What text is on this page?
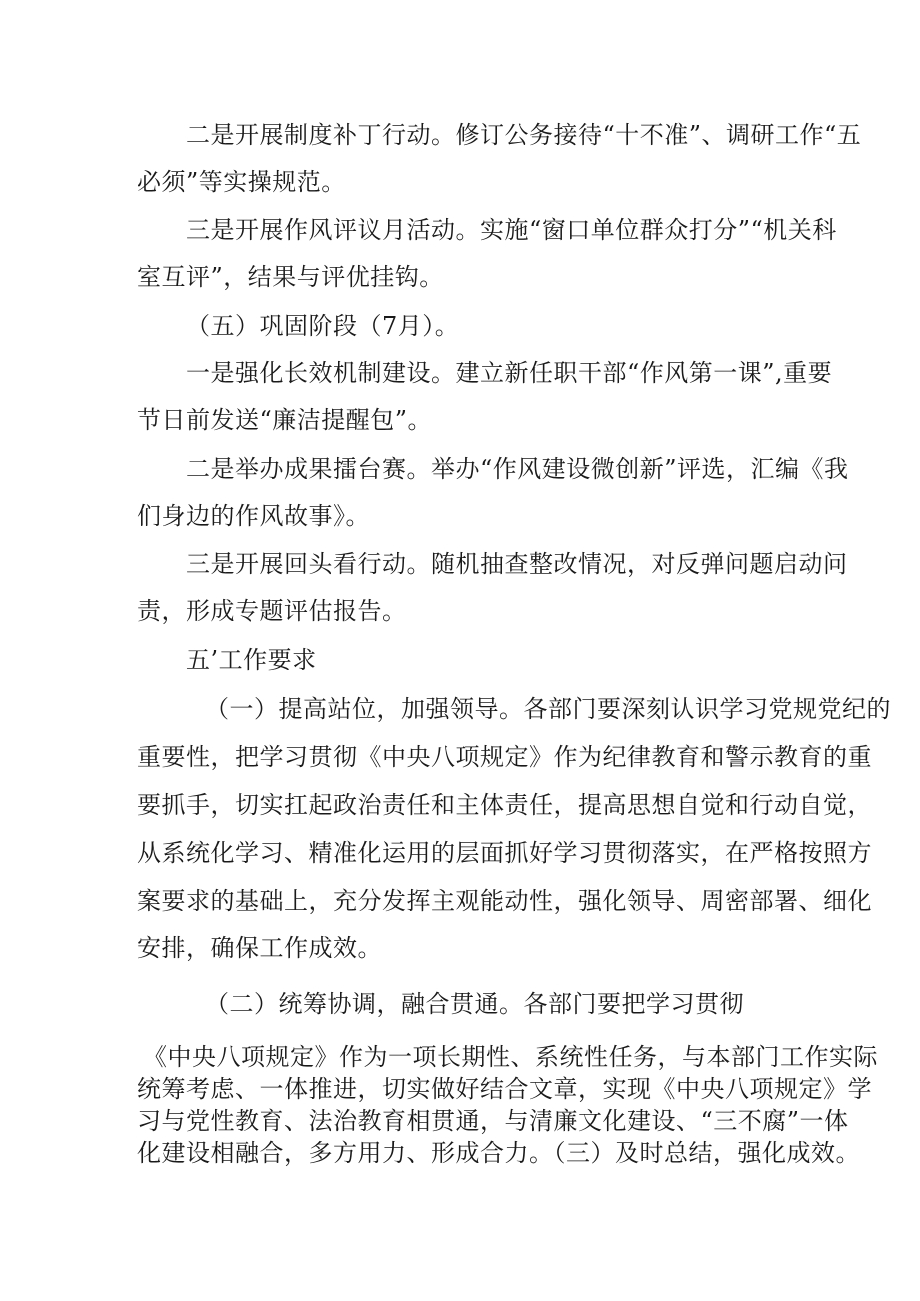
二是开展制度补丁行动。修订公务接待“十不准”、调研工作“五
必须”等实操规范。
三是开展作风评议月活动。实施“窗口单位群众打分”“机关科
室互评”，结果与评优挂钩。
（五）巩固阶段（7月）。
一是强化长效机制建设。建立新任职干部“作风第一课”,重要
节日前发送“廉洁提醒包”。
二是举办成果擂台赛。举办“作风建设微创新”评选，汇编《我
们身边的作风故事》。
三是开展回头看行动。随机抽查整改情况，对反弹问题启动问
责，形成专题评估报告。
五’工作要求
（一）提高站位，加强领导。各部门要深刻认识学习党规党纪的
重要性，把学习贯彻《中央八项规定》作为纪律教育和警示教育的重
要抓手，切实扛起政治责任和主体责任，提高思想自觉和行动自觉，
从系统化学习、精准化运用的层面抓好学习贯彻落实，在严格按照方
案要求的基础上，充分发挥主观能动性，强化领导、周密部署、细化
安排，确保工作成效。
（二）统筹协调，融合贯通。各部门要把学习贯彻
《中央八项规定》作为一项长期性、系统性任务，与本部门工作实际
统筹考虑、一体推进，切实做好结合文章，实现《中央八项规定》学
习与党性教育、法治教育相贯通，与清廉文化建设、“三不腐”一体
化建设相融合，多方用力、形成合力。（三）及时总结，强化成效。
